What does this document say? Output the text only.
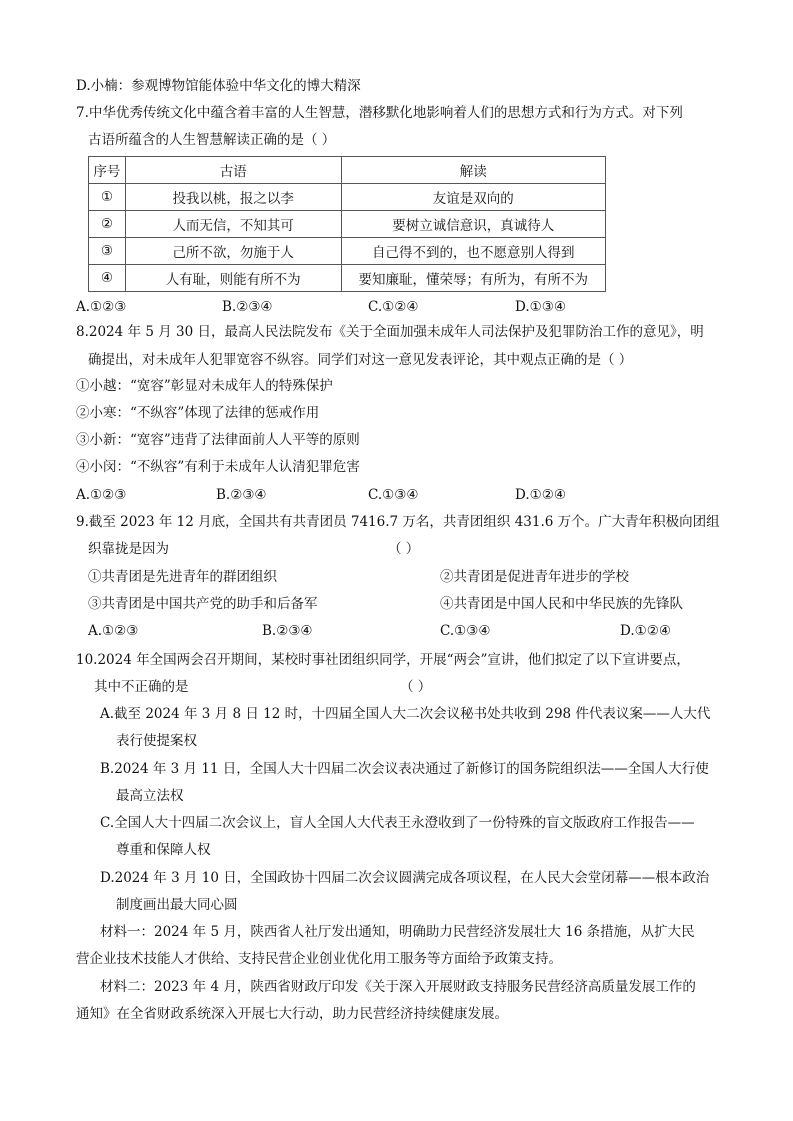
D.小楠：参观博物馆能体验中华文化的博大精深
7.中华优秀传统文化中蕴含着丰富的人生智慧，潜移默化地影响着人们的思想方式和行为方式。对下列
古语所蕴含的人生智慧解读正确的是（ ）
序号	古语	解读
①	投我以桃，报之以李	友谊是双向的
②	人而无信，不知其可	要树立诚信意识，真诚待人
③	己所不欲，勿施于人	自己得不到的，也不愿意别人得到
④	人有耻，则能有所不为	要知廉耻，懂荣辱；有所为，有所不为
A.①②③	B.②③④	C.①②④	D.①③④
8.2024 年 5 月 30 日，最高人民法院发布《关于全面加强未成年人司法保护及犯罪防治工作的意见》，明
确提出，对未成年人犯罪宽容不纵容。同学们对这一意见发表评论，其中观点正确的是（ ）
①小越：“宽容”彰显对未成年人的特殊保护
②小寒：“不纵容”体现了法律的惩戒作用
③小新：“宽容”违背了法律面前人人平等的原则
④小闵：“不纵容”有利于未成年人认清犯罪危害
A.①②③	B.②③④	C.①③④	D.①②④
9.截至 2023 年 12 月底，全国共有共青团员 7416.7 万名，共青团组织 431.6 万个。广大青年积极向团组
织靠拢是因为	（ ）
①共青团是先进青年的群团组织	②共青团是促进青年进步的学校
③共青团是中国共产党的助手和后备军	④共青团是中国人民和中华民族的先锋队
A.①②③	B.②③④	C.①③④	D.①②④
10.2024 年全国两会召开期间，某校时事社团组织同学，开展“两会”宣讲，他们拟定了以下宣讲要点，
其中不正确的是	（ ）
A.截至 2024 年 3 月 8 日 12 时，十四届全国人大二次会议秘书处共收到 298 件代表议案——人大代
表行使提案权
B.2024 年 3 月 11 日，全国人大十四届二次会议表决通过了新修订的国务院组织法——全国人大行使
最高立法权
C.全国人大十四届二次会议上，盲人全国人大代表王永澄收到了一份特殊的盲文版政府工作报告——
尊重和保障人权
D.2024 年 3 月 10 日，全国政协十四届二次会议圆满完成各项议程，在人民大会堂闭幕——根本政治
制度画出最大同心圆
材料一：2024 年 5 月，陕西省人社厅发出通知，明确助力民营经济发展壮大 16 条措施，从扩大民
营企业技术技能人才供给、支持民营企业创业优化用工服务等方面给予政策支持。
材料二：2023 年 4 月，陕西省财政厅印发《关于深入开展财政支持服务民营经济高质量发展工作的
通知》在全省财政系统深入开展七大行动，助力民营经济持续健康发展。
